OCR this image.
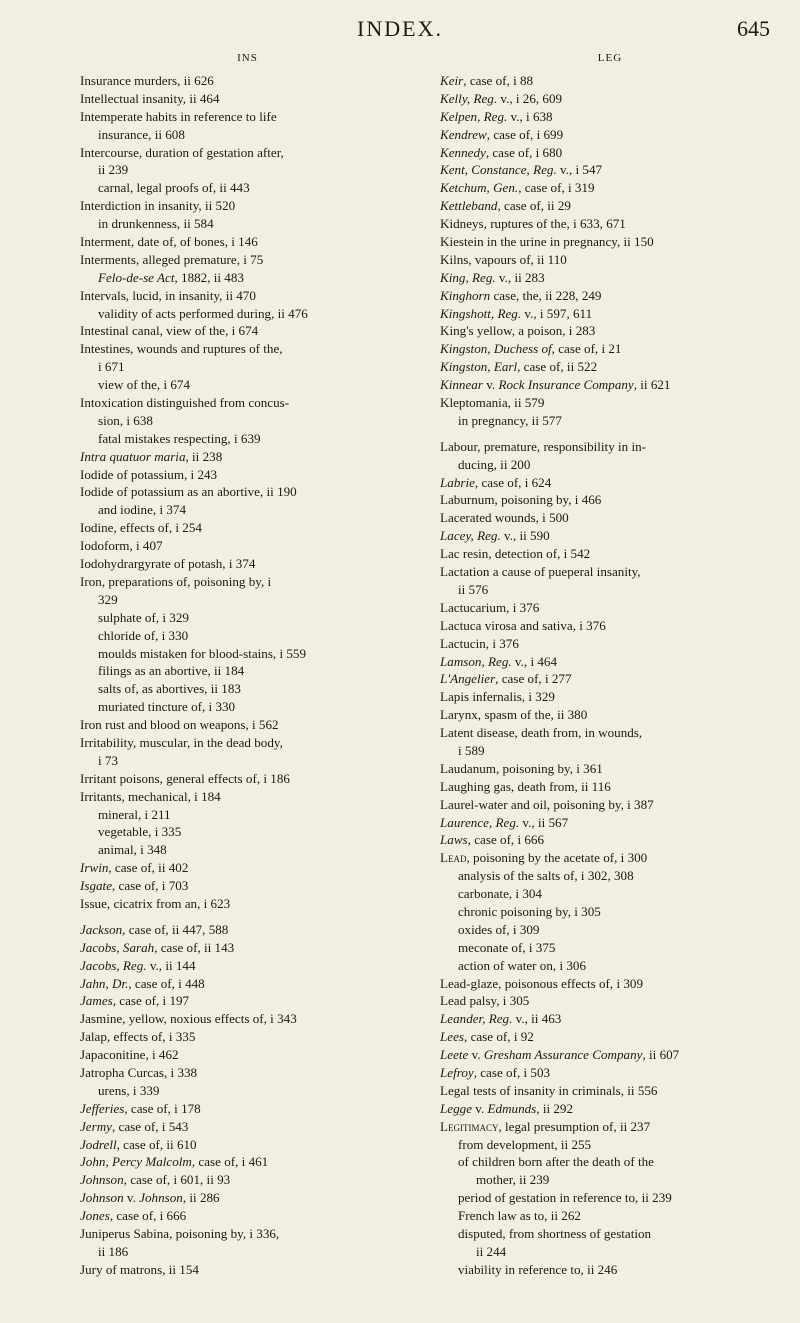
INDEX.	645
INS
Insurance murders, ii 626
Intellectual insanity, ii 464
Intemperate habits in reference to life
insurance, ii 608
Intercourse, duration of gestation after,
ii 239
carnal, legal proofs of, ii 443
Interdiction in insanity, ii 520
in drunkenness, ii 584
Interment, date of, of bones, i 146
Interments, alleged premature, i 75
Felo-de-se Act, 1882, ii 483
Intervals, lucid, in insanity, ii 470
validity of acts performed during, ii 476
Intestinal canal, view of the, i 674
Intestines, wounds and ruptures of the,
i 671
view of the, i 674
Intoxication distinguished from concus-
sion, i 638
fatal mistakes respecting, i 639
Intra quatuor maria, ii 238
Iodide of potassium, i 243
Iodide of potassium as an abortive, ii 190
and iodine, i 374
Iodine, effects of, i 254
Iodoform, i 407
Iodohydrargyrate of potash, i 374
Iron, preparations of, poisoning by, i
329
sulphate of, i 329
chloride of, i 330
moulds mistaken for blood-stains, i 559
filings as an abortive, ii 184
salts of, as abortives, ii 183
muriated tincture of, i 330
Iron rust and blood on weapons, i 562
Irritability, muscular, in the dead body,
i 73
Irritant poisons, general effects of, i 186
Irritants, mechanical, i 184
mineral, i 211
vegetable, i 335
animal, i 348
Irwin, case of, ii 402
Isgate, case of, i 703
Issue, cicatrix from an, i 623
Jackson, case of, ii 447, 588
Jacobs, Sarah, case of, ii 143
Jacobs, Reg. v., ii 144
Jahn, Dr., case of, i 448
James, case of, i 197
Jasmine, yellow, noxious effects of, i 343
Jalap, effects of, i 335
Japaconitine, i 462
Jatropha Curcas, i 338
urens, i 339
Jefferies, case of, i 178
Jermy, case of, i 543
Jodrell, case of, ii 610
John, Percy Malcolm, case of, i 461
Johnson, case of, i 601, ii 93
Johnson v. Johnson, ii 286
Jones, case of, i 666
Juniperus Sabina, poisoning by, i 336,
ii 186
Jury of matrons, ii 154
LEG
Keir, case of, i 88
Kelly, Reg. v., i 26, 609
Kelpen, Reg. v., i 638
Kendrew, case of, i 699
Kennedy, case of, i 680
Kent, Constance, Reg. v., i 547
Ketchum, Gen., case of, i 319
Kettleband, case of, ii 29
Kidneys, ruptures of the, i 633, 671
Kiestein in the urine in pregnancy, ii 150
Kilns, vapours of, ii 110
King, Reg. v., ii 283
Kinghorn case, the, ii 228, 249
Kingshott, Reg. v., i 597, 611
King's yellow, a poison, i 283
Kingston, Duchess of, case of, i 21
Kingston, Earl, case of, ii 522
Kinnear v. Rock Insurance Company, ii 621
Kleptomania, ii 579
in pregnancy, ii 577
Labour, premature, responsibility in in-
ducing, ii 200
Labrie, case of, i 624
Laburnum, poisoning by, i 466
Lacerated wounds, i 500
Lacey, Reg. v., ii 590
Lac resin, detection of, i 542
Lactation a cause of pueperal insanity,
ii 576
Lactucarium, i 376
Lactuca virosa and sativa, i 376
Lactucin, i 376
Lamson, Reg. v., i 464
L'Angelier, case of, i 277
Lapis infernalis, i 329
Larynx, spasm of the, ii 380
Latent disease, death from, in wounds,
i 589
Laudanum, poisoning by, i 361
Laughing gas, death from, ii 116
Laurel-water and oil, poisoning by, i 387
Laurence, Reg. v., ii 567
Laws, case of, i 666
Lead, poisoning by the acetate of, i 300
analysis of the salts of, i 302, 308
carbonate, i 304
chronic poisoning by, i 305
oxides of, i 309
meconate of, i 375
action of water on, i 306
Lead-glaze, poisonous effects of, i 309
Lead palsy, i 305
Leander, Reg. v., ii 463
Lees, case of, i 92
Leete v. Gresham Assurance Company, ii 607
Lefroy, case of, i 503
Legal tests of insanity in criminals, ii 556
Legge v. Edmunds, ii 292
Legitimacy, legal presumption of, ii 237
from development, ii 255
of children born after the death of the
mother, ii 239
period of gestation in reference to, ii 239
French law as to, ii 262
disputed, from shortness of gestation
ii 244
viability in reference to, ii 246
